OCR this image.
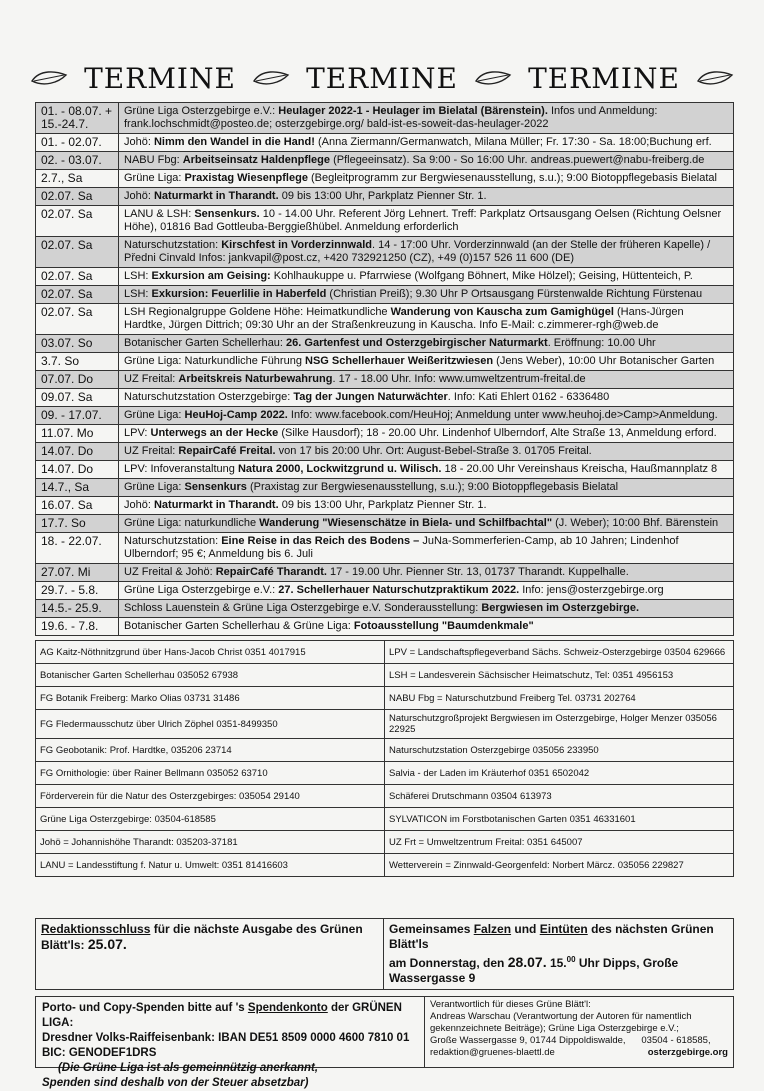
TERMINE	TERMINE	TERMINE
01. - 08.07. + 15.-24.7.	Grüne Liga Osterzgebirge e.V.: Heulager 2022-1 - Heulager im Bielatal (Bärenstein). Infos und Anmeldung: frank.lochschmidt@posteo.de; osterzgebirge.org/ bald-ist-es-soweit-das-heulager-2022
01. - 02.07.	Johö: Nimm den Wandel in die Hand! (Anna Ziermann/Germanwatch, Milana Müller; Fr. 17:30 - Sa. 18:00;Buchung erf.
02. - 03.07.	NABU Fbg: Arbeitseinsatz Haldenpflege (Pflegeeinsatz). Sa 9:00 - So 16:00 Uhr. andreas.puewert@nabu-freiberg.de
2.7., Sa	Grüne Liga: Praxistag Wiesenpflege (Begleitprogramm zur Bergwiesenausstellung, s.u.); 9:00 Biotoppflegebasis Bielatal
02.07. Sa	Johö: Naturmarkt in Tharandt. 09 bis 13:00 Uhr, Parkplatz Pienner Str. 1.
02.07. Sa	LANU & LSH: Sensenkurs. 10 - 14.00 Uhr. Referent Jörg Lehnert. Treff: Parkplatz Ortsausgang Oelsen (Richtung Oelsner Höhe), 01816 Bad Gottleuba-Berggießhübel. Anmeldung erforderlich
02.07. Sa	Naturschutzstation: Kirschfest in Vorderzinnwald. 14 - 17:00 Uhr. Vorderzinnwald (an der Stelle der früheren Kapelle) / Předni Cinvald Infos: jankvapil@post.cz, +420 732921250 (CZ), +49 (0)157 526 11 600 (DE)
02.07. Sa	LSH: Exkursion am Geising: Kohlhaukuppe u. Pfarrwiese (Wolfgang Böhnert, Mike Hölzel); Geising, Hüttenteich, P.
02.07. Sa	LSH: Exkursion: Feuerlilie in Haberfeld (Christian Preiß); 9.30 Uhr P Ortsausgang Fürstenwalde Richtung Fürstenau
02.07. Sa	LSH Regionalgruppe Goldene Höhe: Heimatkundliche Wanderung von Kauscha zum Gamighügel (Hans-Jürgen Hardtke, Jürgen Dittrich; 09:30 Uhr an der Straßenkreuzung in Kauscha. Info E-Mail: c.zimmerer-rgh@web.de
03.07. So	Botanischer Garten Schellerhau: 26. Gartenfest und Osterzgebirgischer Naturmarkt. Eröffnung: 10.00 Uhr
3.7. So	Grüne Liga: Naturkundliche Führung NSG Schellerhauer Weißeritzwiesen (Jens Weber), 10:00 Uhr Botanischer Garten
07.07. Do	UZ Freital: Arbeitskreis Naturbewahrung. 17 - 18.00 Uhr. Info: www.umweltzentrum-freital.de
09.07. Sa	Naturschutzstation Osterzgebirge: Tag der Jungen Naturwächter. Info: Kati Ehlert 0162 - 6336480
09. - 17.07.	Grüne Liga: HeuHoj-Camp 2022. Info: www.facebook.com/HeuHoj; Anmeldung unter www.heuhoj.de>Camp>Anmeldung.
11.07. Mo	LPV: Unterwegs an der Hecke (Silke Hausdorf); 18 - 20.00 Uhr. Lindenhof Ulberndorf, Alte Straße 13, Anmeldung erford.
14.07. Do	UZ Freital: RepairCafé Freital. von 17 bis 20:00 Uhr. Ort: August-Bebel-Straße 3. 01705 Freital.
14.07. Do	LPV: Infoveranstaltung Natura 2000, Lockwitzgrund u. Wilisch. 18 - 20.00 Uhr Vereinshaus Kreischa, Haußmannplatz 8
14.7., Sa	Grüne Liga: Sensenkurs (Praxistag zur Bergwiesenausstellung, s.u.); 9:00 Biotoppflegebasis Bielatal
16.07. Sa	Johö: Naturmarkt in Tharandt. 09 bis 13:00 Uhr, Parkplatz Pienner Str. 1.
17.7. So	Grüne Liga: naturkundliche Wanderung "Wiesenschätze in Biela- und Schilfbachtal" (J. Weber); 10:00 Bhf. Bärenstein
18. - 22.07.	Naturschutzstation: Eine Reise in das Reich des Bodens – JuNa-Sommerferien-Camp, ab 10 Jahren; Lindenhof Ulberndorf; 95 €; Anmeldung bis 6. Juli
27.07. Mi	UZ Freital & Johö: RepairCafé Tharandt. 17 - 19.00 Uhr. Pienner Str. 13, 01737 Tharandt. Kuppelhalle.
29.7. - 5.8.	Grüne Liga Osterzgebirge e.V.: 27. Schellerhauer Naturschutzpraktikum 2022. Info: jens@osterzgebirge.org
14.5.- 25.9.	Schloss Lauenstein & Grüne Liga Osterzgebirge e.V. Sonderausstellung: Bergwiesen im Osterzgebirge.
19.6. - 7.8.	Botanischer Garten Schellerhau & Grüne Liga: Fotoausstellung "Baumdenkmale"
AG Kaitz-Nöthnitzgrund über Hans-Jacob Christ 0351 4017915	LPV = Landschaftspflegeverband Sächs. Schweiz-Osterzgebirge 03504 629666
Botanischer Garten Schellerhau 035052 67938	LSH = Landesverein Sächsischer Heimatschutz, Tel: 0351 4956153
FG Botanik Freiberg: Marko Olias 03731 31486	NABU Fbg = Naturschutzbund Freiberg Tel. 03731 202764
FG Fledermausschutz über Ulrich Zöphel 0351-8499350	Naturschutzgroßprojekt Bergwiesen im Osterzgebirge, Holger Menzer 035056 22925
FG Geobotanik: Prof. Hardtke, 035206 23714	Naturschutzstation Osterzgebirge 035056 233950
FG Ornithologie: über Rainer Bellmann 035052 63710	Salvia - der Laden im Kräuterhof 0351 6502042
Förderverein für die Natur des Osterzgebirges: 035054 29140	Schäferei Drutschmann 03504 613973
Grüne Liga Osterzgebirge: 03504-618585	SYLVATICON im Forstbotanischen Garten 0351 46331601
Johö = Johannishöhe Tharandt: 035203-37181	UZ Frt = Umweltzentrum Freital: 0351 645007
LANU = Landesstiftung f. Natur u. Umwelt: 0351 81416603	Wetterverein = Zinnwald-Georgenfeld: Norbert Märcz. 035056 229827
Redaktionsschluss für die nächste Ausgabe des Grünen Blätt'ls: 25.07.
Gemeinsames Falzen und Eintüten des nächsten Grünen Blätt'ls
am Donnerstag, den 28.07. 15.00 Uhr Dipps, Große Wassergasse 9
Porto- und Copy-Spenden bitte auf 's Spendenkonto der GRÜNEN LIGA:
Dresdner Volks-Raiffeisenbank: IBAN DE51 8509 0000 4600 7810 01
BIC: GENODEF1DRS     (Die Grüne Liga ist als gemeinnützig anerkannt,
Spenden sind deshalb von der Steuer absetzbar)
Verantwortlich für dieses Grüne Blätt'l:
Andreas Warschau (Verantwortung der Autoren für namentlich
gekennzeichnete Beiträge); Grüne Liga Osterzgebirge e.V.;
Große Wassergasse 9, 01744 Dippoldiswalde,      03504 - 618585,
redaktion@gruenes-blaettl.de	osterzgebirge.org
